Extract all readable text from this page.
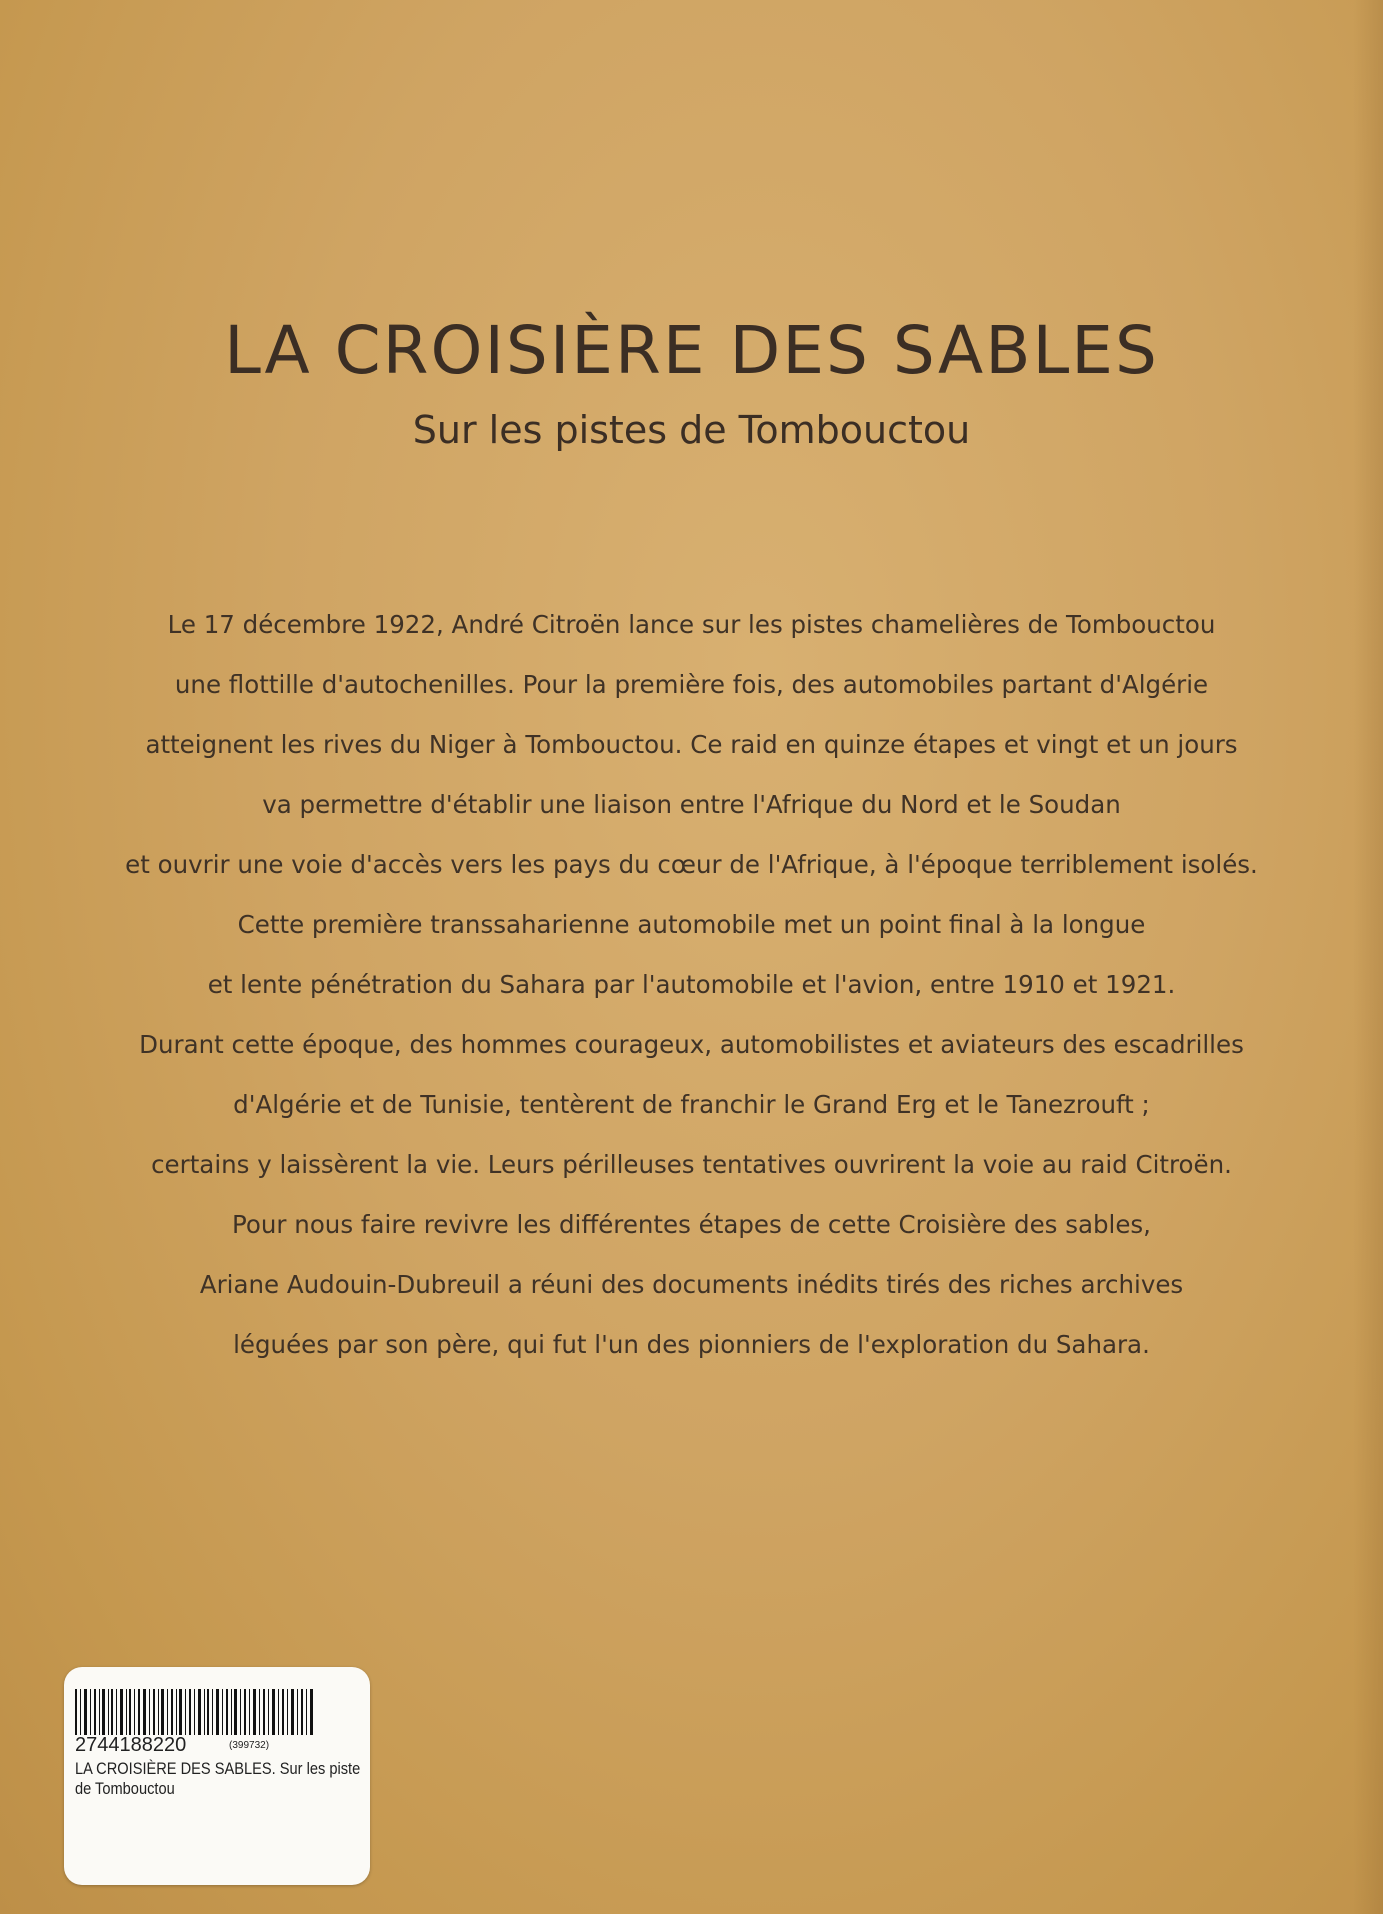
LA CROISIÈRE DES SABLES
Sur les pistes de Tombouctou
Le 17 décembre 1922, André Citroën lance sur les pistes chamelières de Tombouctou
une flottille d'autochenilles. Pour la première fois, des automobiles partant d'Algérie
atteignent les rives du Niger à Tombouctou. Ce raid en quinze étapes et vingt et un jours
va permettre d'établir une liaison entre l'Afrique du Nord et le Soudan
et ouvrir une voie d'accès vers les pays du cœur de l'Afrique, à l'époque terriblement isolés.
Cette première transsaharienne automobile met un point final à la longue
et lente pénétration du Sahara par l'automobile et l'avion, entre 1910 et 1921.
Durant cette époque, des hommes courageux, automobilistes et aviateurs des escadrilles
d'Algérie et de Tunisie, tentèrent de franchir le Grand Erg et le Tanezrouft ;
certains y laissèrent la vie. Leurs périlleuses tentatives ouvrirent la voie au raid Citroën.
Pour nous faire revivre les différentes étapes de cette Croisière des sables,
Ariane Audouin-Dubreuil a réuni des documents inédits tirés des riches archives
léguées par son père, qui fut l'un des pionniers de l'exploration du Sahara.
2744188220	(399732)
LA CROISIÈRE DES SABLES. Sur les piste de Tombouctou
